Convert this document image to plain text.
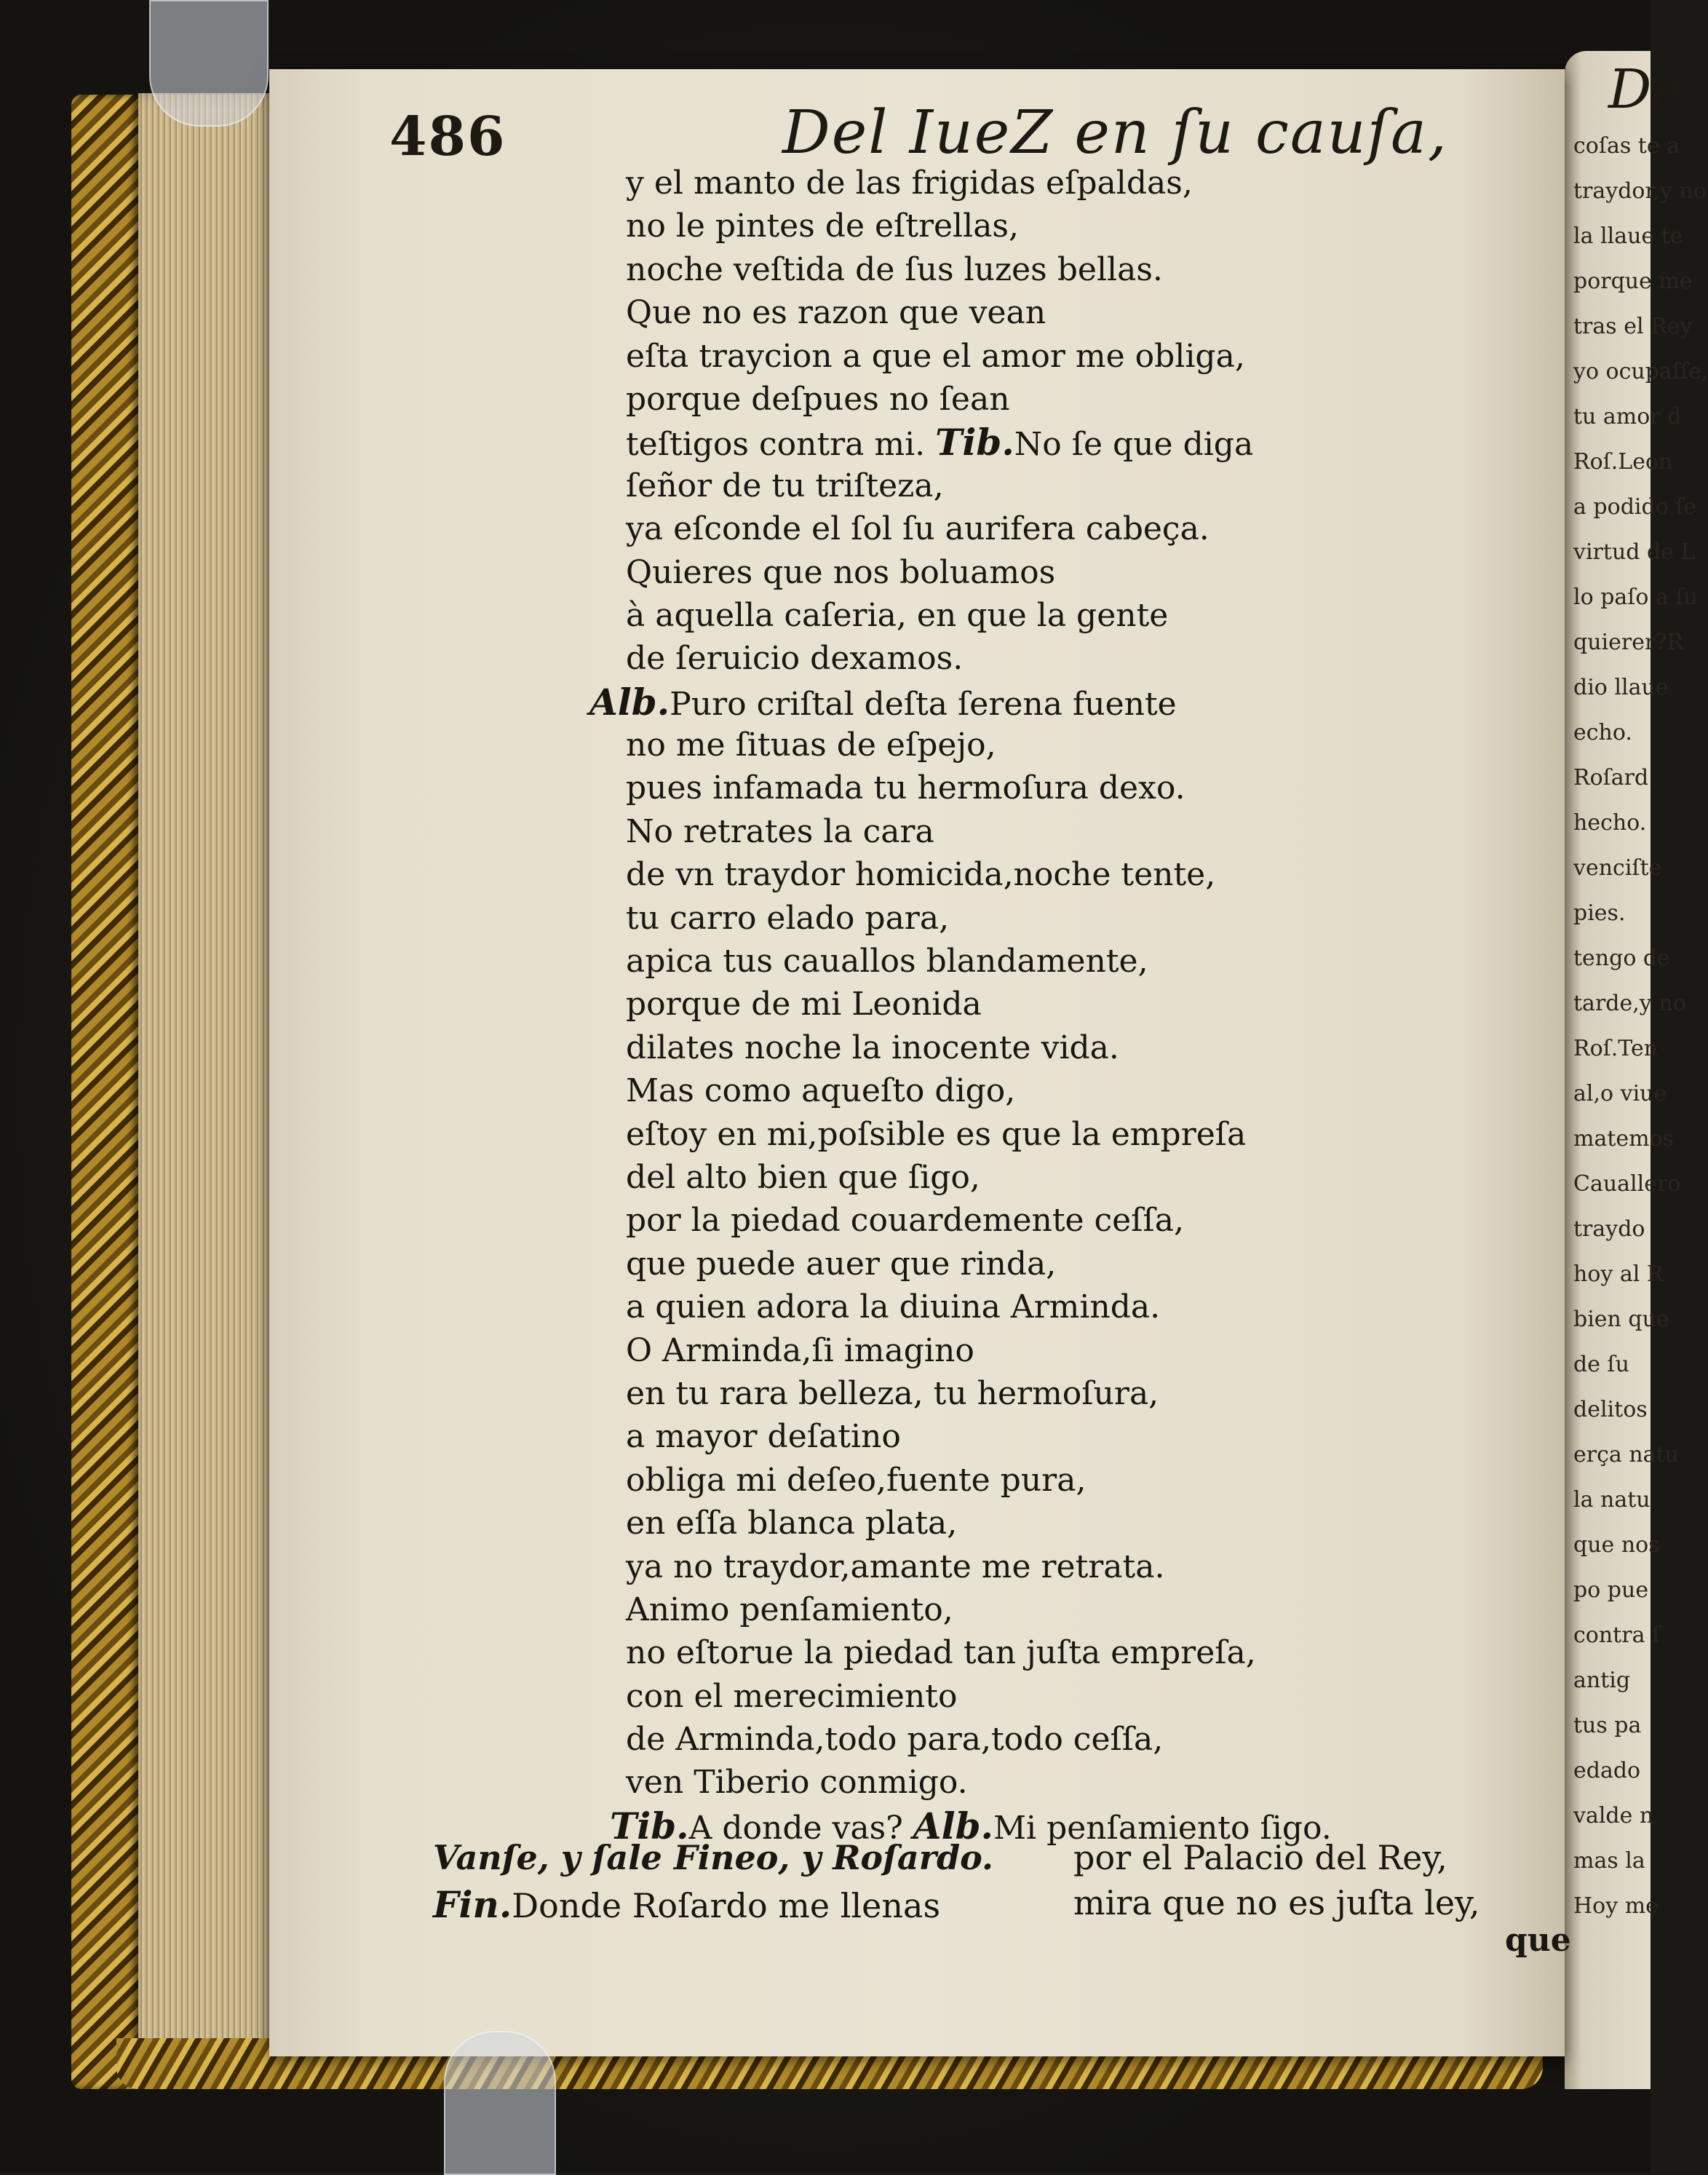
De
coſas te a
traydor,y no
la llaue te
porque me
tras el Rey
yo ocupaſſe,
tu amor d
Roſ.Leon
a podido ſe
virtud de L
lo paſo a ſu
quierer?R
dio llaue
echo.
Roſard
hecho.
venciſte
pies.
tengo de
tarde,y no
Roſ.Ten
al,o viue
matemos
Cauallero
traydo
hoy al R
bien que
de ſu
delitos
erça natu
la natu
que nos
po pue
contra ſ
antig
tus pa
edado
valde n
mas la
Hoy me
486	Del IueZ en ſu cauſa,
y el manto de las frigidas eſpaldas,
no le pintes de eſtrellas,
noche veſtida de ſus luzes bellas.
Que no es razon que vean
eſta traycion a que el amor me obliga,
porque deſpues no ſean
teſtigos contra mi. Tib.No ſe que diga
ſeñor de tu triſteza,
ya eſconde el ſol ſu aurifera cabeça.
Quieres que nos boluamos
à aquella caſeria, en que la gente
de ſeruicio dexamos.
Alb.Puro criſtal deſta ſerena fuente
no me ſituas de eſpejo,
pues infamada tu hermoſura dexo.
No retrates la cara
de vn traydor homicida,noche tente,
tu carro elado para,
apica tus cauallos blandamente,
porque de mi Leonida
dilates noche la inocente vida.
Mas como aqueſto digo,
eſtoy en mi,poſsible es que la empreſa
del alto bien que ſigo,
por la piedad couardemente ceſſa,
que puede auer que rinda,
a quien adora la diuina Arminda.
O Arminda,ſi imagino
en tu rara belleza, tu hermoſura,
a mayor deſatino
obliga mi deſeo,fuente pura,
en eſſa blanca plata,
ya no traydor,amante me retrata.
Animo penſamiento,
no eſtorue la piedad tan juſta empreſa,
con el merecimiento
de Arminda,todo para,todo ceſſa,
ven Tiberio conmigo.
Tib.A donde vas? Alb.Mi penſamiento ſigo.
Vanſe, y ſale Fineo, y Roſardo.
Fin.Donde Roſardo me llenas
por el Palacio del Rey,
mira que no es juſta ley,
que
